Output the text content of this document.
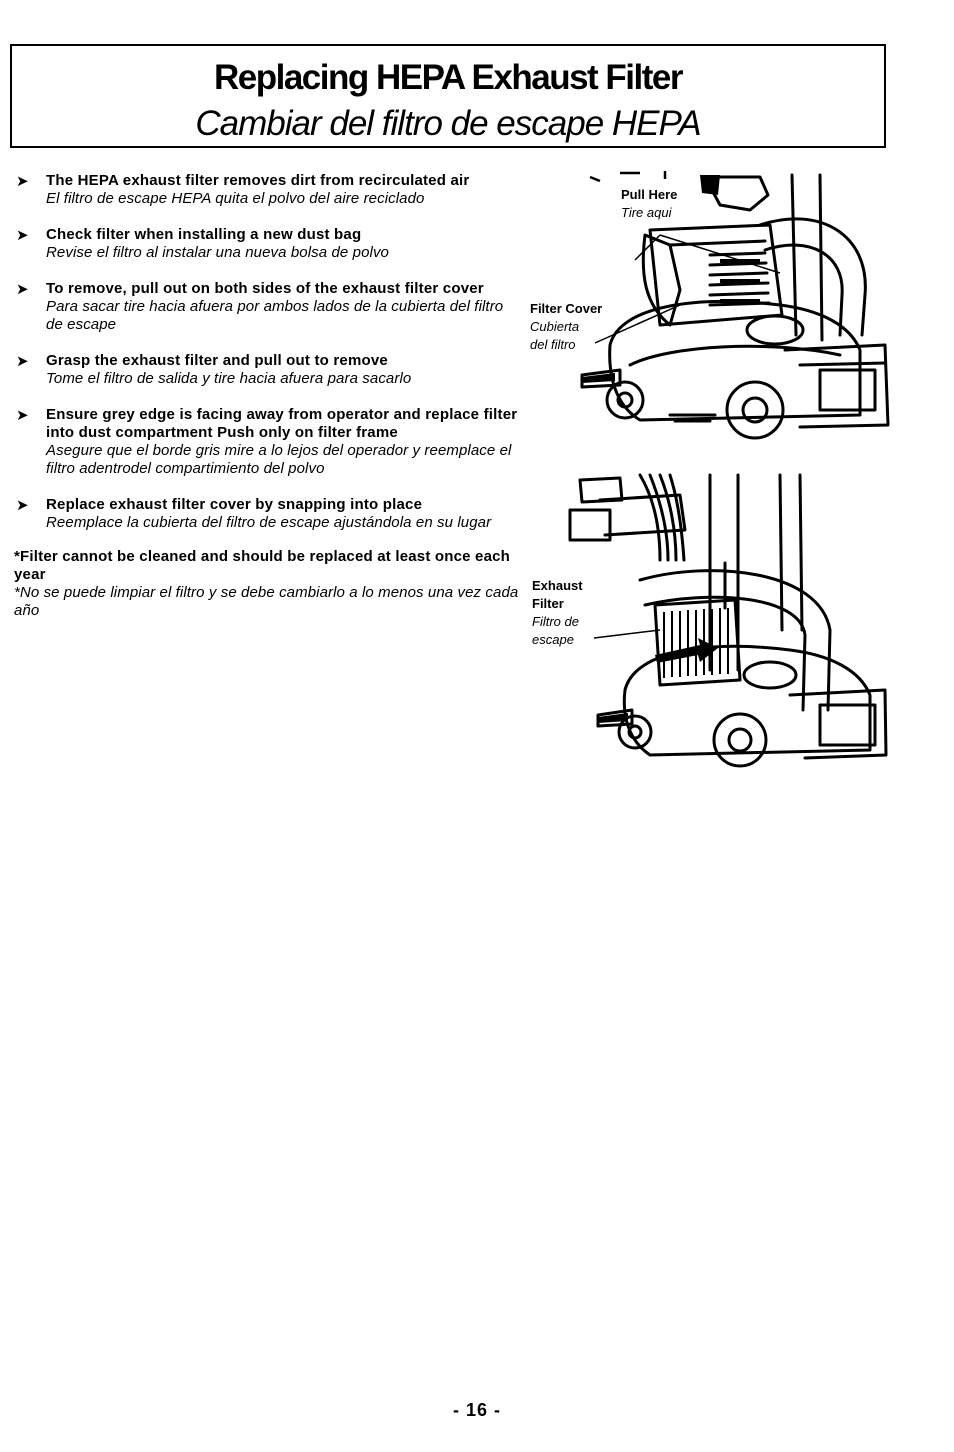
Replacing HEPA Exhaust Filter
Cambiar del filtro de escape HEPA
➤ The HEPA exhaust filter removes dirt from recirculated air
El filtro de escape HEPA quita el polvo del aire reciclado
➤ Check filter when installing a new dust bag
Revise el filtro al instalar una nueva bolsa de polvo
➤ To remove, pull out on both sides of the exhaust filter cover
Para sacar tire hacia afuera por ambos lados de la cubierta del filtro de escape
➤ Grasp the exhaust filter and pull out to remove
Tome el filtro de salida y tire hacia afuera para sacarlo
➤ Ensure grey edge is facing away from operator and replace filter into dust compartment Push only on filter frame
Asegure que el borde gris mire a lo lejos del operador y reemplace el filtro adentrodel compartimiento del polvo
➤ Replace exhaust filter cover by snapping into place
Reemplace la cubierta del filtro de escape ajustándola en su lugar
*Filter cannot be cleaned and should be replaced at least once each year
*No se puede limpiar el filtro y se debe cambiarlo a lo menos una vez cada año
Pull Here
Tire aqui
Filter Cover
Cubierta
del filtro
Exhaust
Filter
Filtro de
escape
- 16 -
